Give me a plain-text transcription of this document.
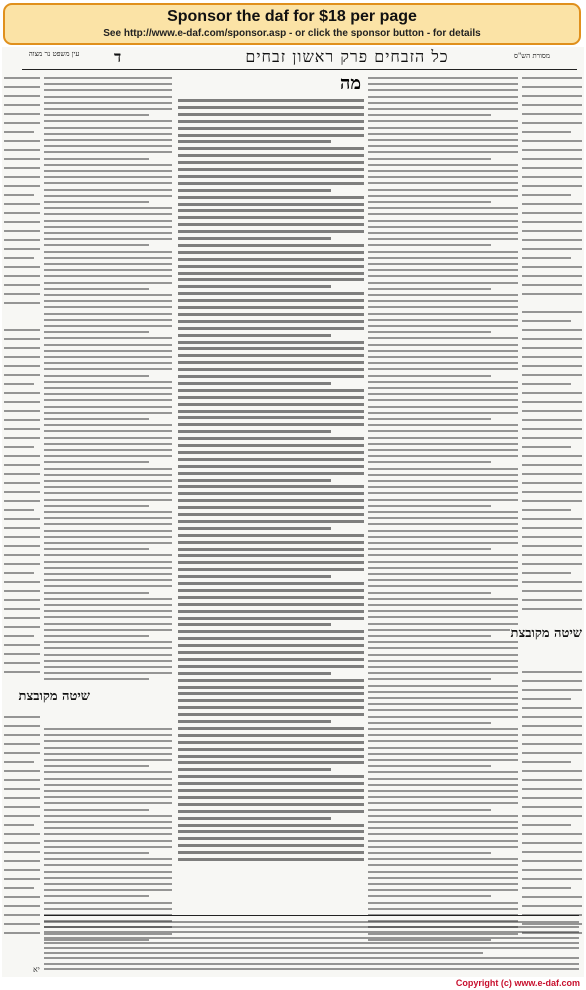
Sponsor the daf for $18 per page
See http://www.e-daf.com/sponsor.asp - or click the sponsor button - for details
עין משפט נר מצוה	ד	כל הזבחים פרק ראשון זבחים	מסורת הש"ס
מה
שיטה מקובצת
שיטה מקובצת
יא
Copyright (c) www.e-daf.com
